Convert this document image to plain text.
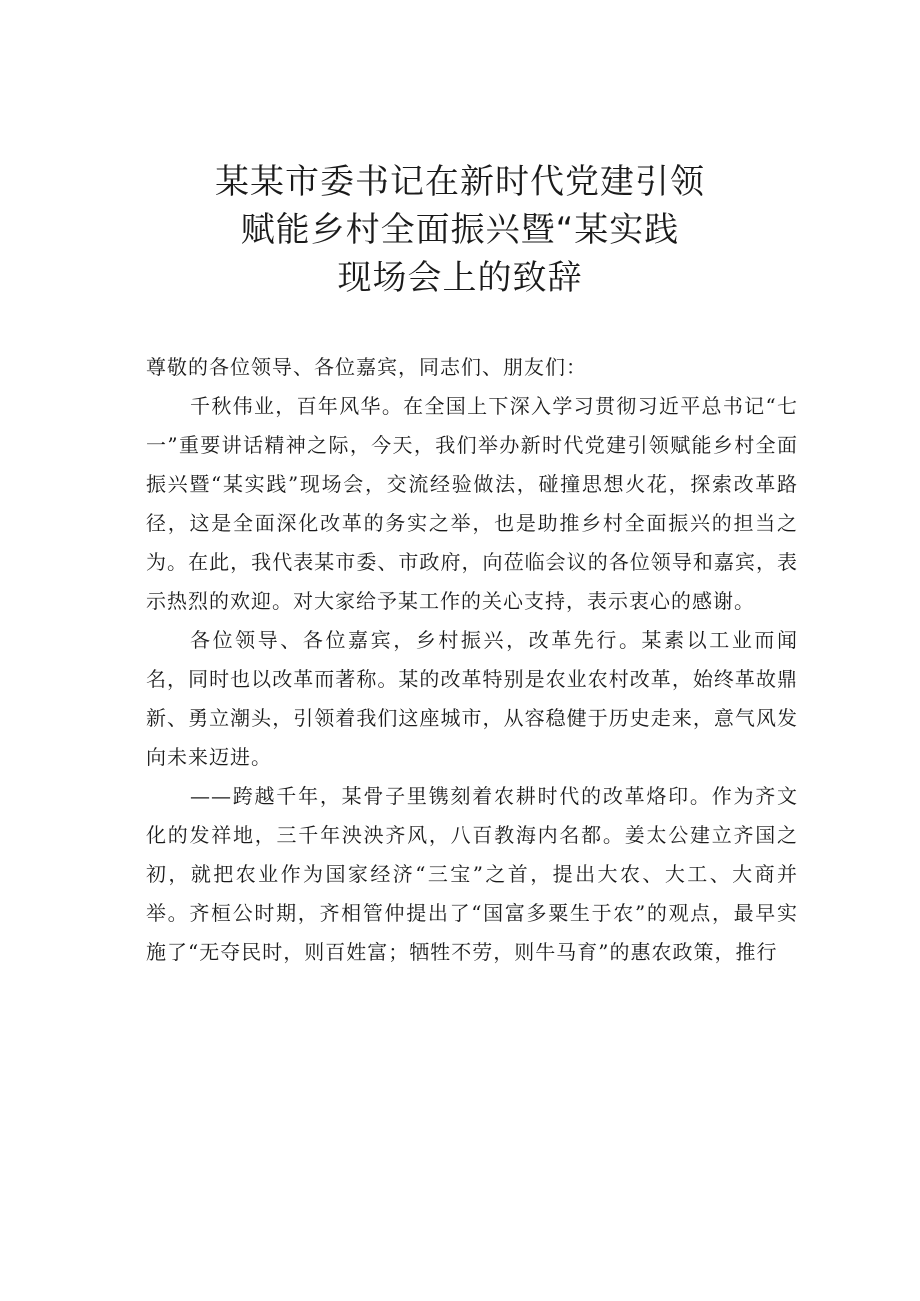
某某市委书记在新时代党建引领
赋能乡村全面振兴暨“某实践
现场会上的致辞

尊敬的各位领导、各位嘉宾，同志们、朋友们：

千秋伟业，百年风华。在全国上下深入学习贯彻习近平总书记“七一”重要讲话精神之际，今天，我们举办新时代党建引领赋能乡村全面振兴暨“某实践”现场会，交流经验做法，碰撞思想火花，探索改革路径，这是全面深化改革的务实之举，也是助推乡村全面振兴的担当之为。在此，我代表某市委、市政府，向莅临会议的各位领导和嘉宾，表示热烈的欢迎。对大家给予某工作的关心支持，表示衷心的感谢。

各位领导、各位嘉宾，乡村振兴，改革先行。某素以工业而闻名，同时也以改革而著称。某的改革特别是农业农村改革，始终革故鼎新、勇立潮头，引领着我们这座城市，从容稳健于历史走来，意气风发向未来迈进。

——跨越千年，某骨子里镌刻着农耕时代的改革烙印。作为齐文化的发祥地，三千年泱泱齐风，八百教海内名都。姜太公建立齐国之初，就把农业作为国家经济“三宝”之首，提出大农、大工、大商并举。齐桓公时期，齐相管仲提出了“国富多粟生于农”的观点，最早实施了“无夺民时，则百姓富；牺牲不劳，则牛马育”的惠农政策，推行
